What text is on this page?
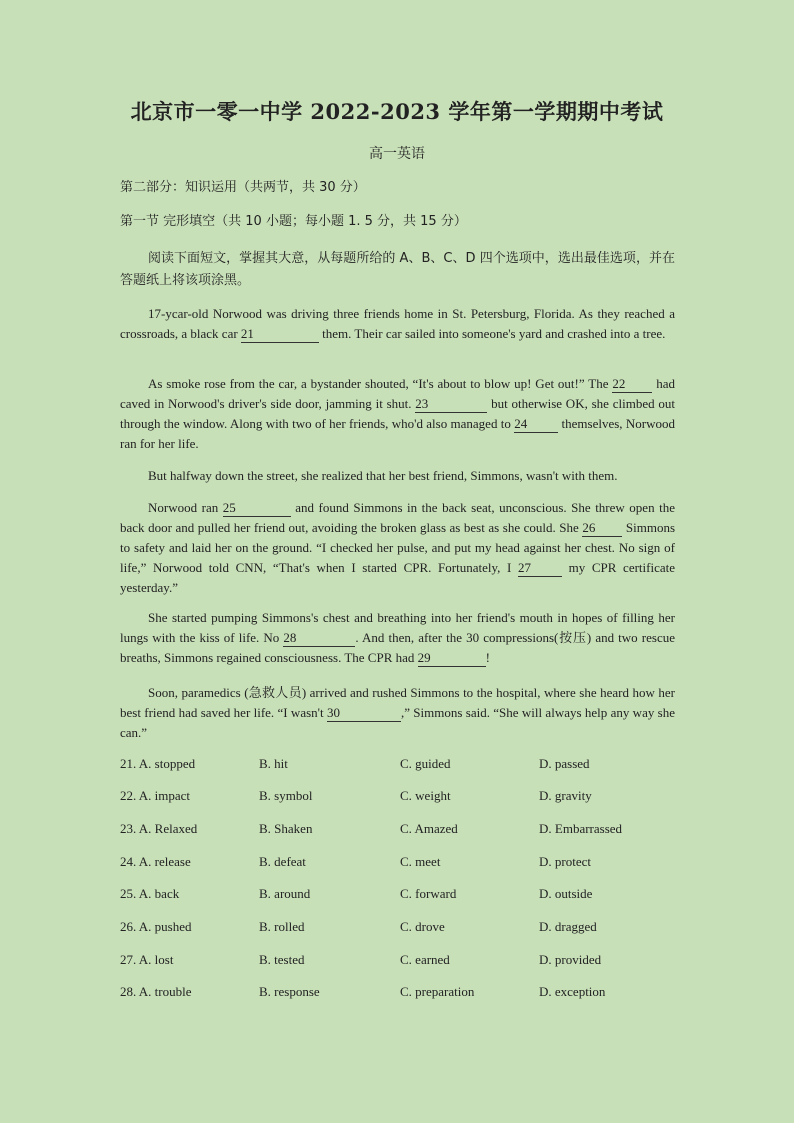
北京市一零一中学 2022-2023 学年第一学期期中考试
高一英语
第二部分：知识运用（共两节，共 30 分）
第一节 完形填空（共 10 小题；每小题 1. 5 分，共 15 分）

阅读下面短文，掌握其大意，从每题所给的 A、B、C、D 四个选项中，选出最佳选项，并在答题纸上将该项涂黑。

17-ycar-old Norwood was driving three friends home in St. Petersburg, Florida. As they reached a crossroads, a black car 21	them. Their car sailed into someone's yard and crashed into a tree.

As smoke rose from the car, a bystander shouted, “It's about to blow up! Get out!” The 22 had caved in Norwood's driver's side door, jamming it shut. 23	but otherwise OK, she climbed out through the window. Along with two of her friends, who'd also managed to 24 themselves, Norwood ran for her life.

But halfway down the street, she realized that her best friend, Simmons, wasn't with them.

Norwood ran 25	and found Simmons in the back seat, unconscious. She threw open the back door and pulled her friend out, avoiding the broken glass as best as she could. She 26 Simmons to safety and laid her on the ground. “I checked her pulse, and put my head against her chest. No sign of life,” Norwood told CNN, “That's when I started CPR. Fortunately, I 27 my CPR certificate yesterday.”

She started pumping Simmons's chest and breathing into her friend's mouth in hopes of filling her lungs with the kiss of life. No 28	. And then, after the 30 compressions(按压) and two rescue breaths, Simmons regained consciousness. The CPR had 29	!

Soon, paramedics (急救人员) arrived and rushed Simmons to the hospital, where she heard how her best friend had saved her life. “I wasn't 30	,” Simmons said. “She will always help any way she can.”

21. A. stopped	B. hit	C. guided	D. passed
22. A. impact	B. symbol	C. weight	D. gravity
23. A. Relaxed	B. Shaken	C. Amazed	D. Embarrassed
24. A. release	B. defeat	C. meet	D. protect
25. A. back	B. around	C. forward	D. outside
26. A. pushed	B. rolled	C. drove	D. dragged
27. A. lost	B. tested	C. earned	D. provided
28. A. trouble	B. response	C. preparation	D. exception
